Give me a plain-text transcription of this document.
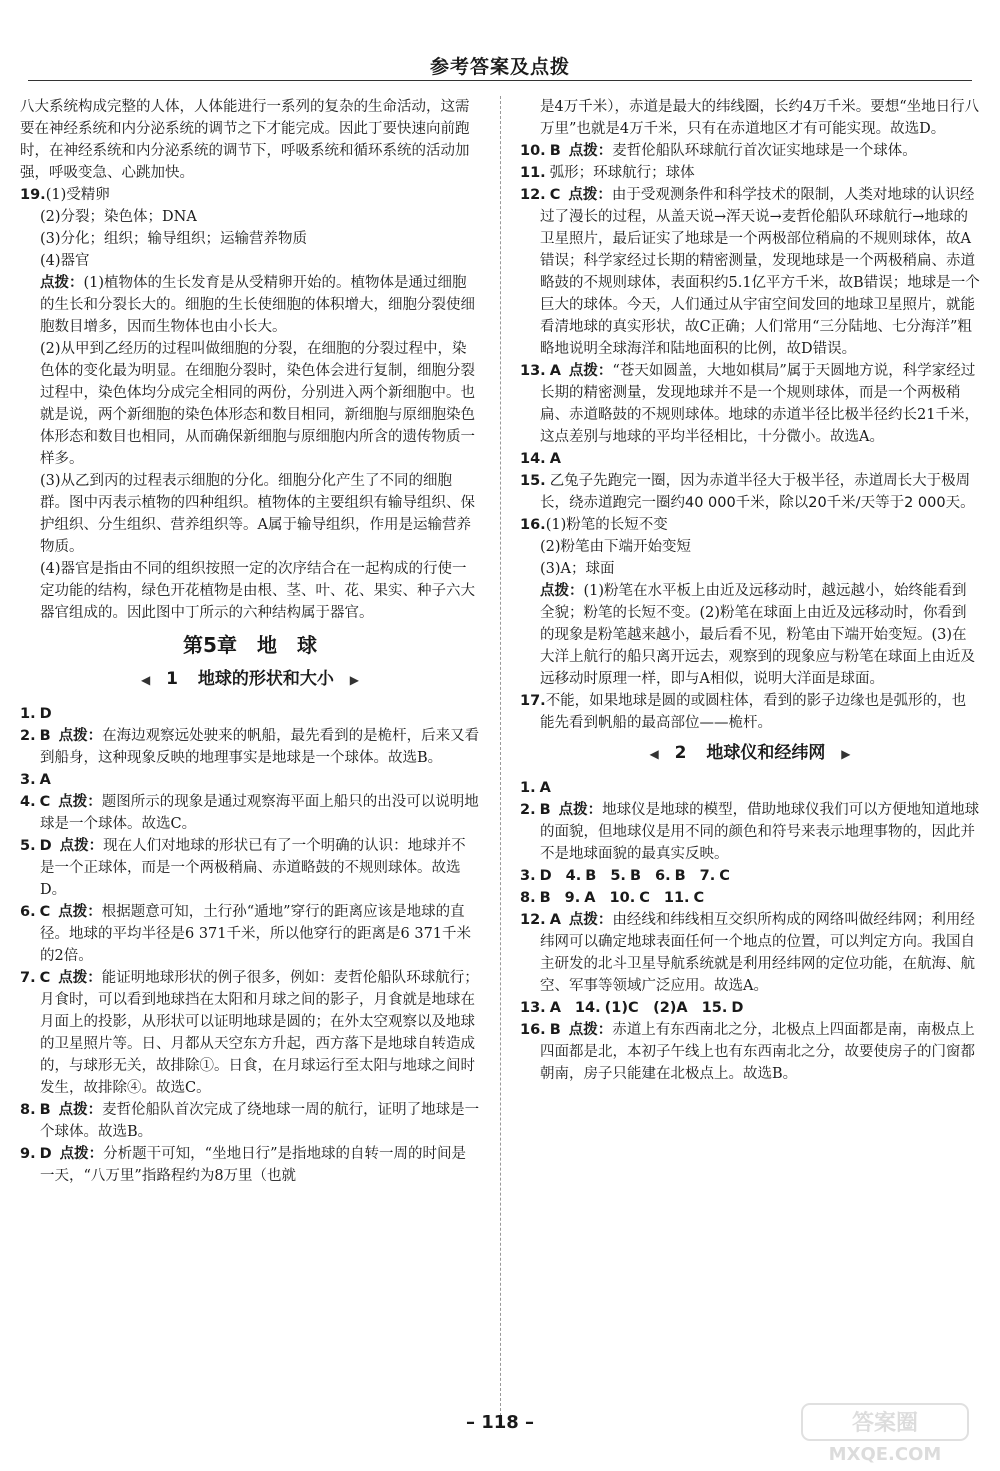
参考答案及点拨

八大系统构成完整的人体，人体能进行一系列的复杂的生命活动，这需要在神经系统和内分泌系统的调节之下才能完成。因此丁要快速向前跑时，在神经系统和内分泌系统的调节下，呼吸系统和循环系统的活动加强，呼吸变急、心跳加快。

19.(1)受精卵

(2)分裂；染色体；DNA

(3)分化；组织；输导组织；运输营养物质

(4)器官

点拨：(1)植物体的生长发育是从受精卵开始的。植物体是通过细胞的生长和分裂长大的。细胞的生长使细胞的体积增大，细胞分裂使细胞数目增多，因而生物体也由小长大。

(2)从甲到乙经历的过程叫做细胞的分裂，在细胞的分裂过程中，染色体的变化最为明显。在细胞分裂时，染色体会进行复制，细胞分裂过程中，染色体均分成完全相同的两份，分别进入两个新细胞中。也就是说，两个新细胞的染色体形态和数目相同，新细胞与原细胞染色体形态和数目也相同，从而确保新细胞与原细胞内所含的遗传物质一样多。

(3)从乙到丙的过程表示细胞的分化。细胞分化产生了不同的细胞群。图中丙表示植物的四种组织。植物体的主要组织有输导组织、保护组织、分生组织、营养组织等。A属于输导组织，作用是运输营养物质。

(4)器官是指由不同的组织按照一定的次序结合在一起构成的行使一定功能的结构，绿色开花植物是由根、茎、叶、花、果实、种子六大器官组成的。因此图中丁所示的六种结构属于器官。

第5章　地　球
◀ 1 地球的形状和大小 ▶

1. D

2. B 点拨：在海边观察远处驶来的帆船，最先看到的是桅杆，后来又看到船身，这种现象反映的地理事实是地球是一个球体。故选B。

3. A

4. C 点拨：题图所示的现象是通过观察海平面上船只的出没可以说明地球是一个球体。故选C。

5. D 点拨：现在人们对地球的形状已有了一个明确的认识：地球并不是一个正球体，而是一个两极稍扁、赤道略鼓的不规则球体。故选D。

6. C 点拨：根据题意可知，土行孙“遁地”穿行的距离应该是地球的直径。地球的平均半径是6 371千米，所以他穿行的距离是6 371千米的2倍。

7. C 点拨：能证明地球形状的例子很多，例如：麦哲伦船队环球航行；月食时，可以看到地球挡在太阳和月球之间的影子，月食就是地球在月面上的投影，从形状可以证明地球是圆的；在外太空观察以及地球的卫星照片等。日、月都从天空东方升起，西方落下是地球自转造成的，与球形无关，故排除①。日食，在月球运行至太阳与地球之间时发生，故排除④。故选C。

8. B 点拨：麦哲伦船队首次完成了绕地球一周的航行，证明了地球是一个球体。故选B。

9. D 点拨：分析题干可知，“坐地日行”是指地球的自转一周的时间是一天，“八万里”指路程约为8万里（也就

是4万千米），赤道是最大的纬线圈，长约4万千米。要想“坐地日行八万里”也就是4万千米，只有在赤道地区才有可能实现。故选D。

10. B 点拨：麦哲伦船队环球航行首次证实地球是一个球体。

11. 弧形；环球航行；球体

12. C 点拨：由于受观测条件和科学技术的限制，人类对地球的认识经过了漫长的过程，从盖天说→浑天说→麦哲伦船队环球航行→地球的卫星照片，最后证实了地球是一个两极部位稍扁的不规则球体，故A错误；科学家经过长期的精密测量，发现地球是一个两极稍扁、赤道略鼓的不规则球体，表面积约5.1亿平方千米，故B错误；地球是一个巨大的球体。今天，人们通过从宇宙空间发回的地球卫星照片，就能看清地球的真实形状，故C正确；人们常用“三分陆地、七分海洋”粗略地说明全球海洋和陆地面积的比例，故D错误。

13. A 点拨：“苍天如圆盖，大地如棋局”属于天圆地方说，科学家经过长期的精密测量，发现地球并不是一个规则球体，而是一个两极稍扁、赤道略鼓的不规则球体。地球的赤道半径比极半径约长21千米，这点差别与地球的平均半径相比，十分微小。故选A。

14. A

15. 乙兔子先跑完一圈，因为赤道半径大于极半径，赤道周长大于极周长，绕赤道跑完一圈约40 000千米，除以20千米/天等于2 000天。

16.(1)粉笔的长短不变

(2)粉笔由下端开始变短

(3)A；球面

点拨：(1)粉笔在水平板上由近及远移动时，越远越小，始终能看到全貌；粉笔的长短不变。(2)粉笔在球面上由近及远移动时，你看到的现象是粉笔越来越小，最后看不见，粉笔由下端开始变短。(3)在大洋上航行的船只离开远去，观察到的现象应与粉笔在球面上由近及远移动时原理一样，即与A相似，说明大洋面是球面。

17.不能，如果地球是圆的或圆柱体，看到的影子边缘也是弧形的，也能先看到帆船的最高部位——桅杆。

◀ 2 地球仪和经纬网 ▶

1. A

2. B 点拨：地球仪是地球的模型，借助地球仪我们可以方便地知道地球的面貌，但地球仪是用不同的颜色和符号来表示地理事物的，因此并不是地球面貌的最真实反映。

3. D 4. B 5. B 6. B 7. C

8. B 9. A 10. C 11. C

12. A 点拨：由经线和纬线相互交织所构成的网络叫做经纬网；利用经纬网可以确定地球表面任何一个地点的位置，可以判定方向。我国自主研发的北斗卫星导航系统就是利用经纬网的定位功能，在航海、航空、军事等领域广泛应用。故选A。

13. A 14. (1)C　(2)A 15. D

16. B 点拨：赤道上有东西南北之分，北极点上四面都是南，南极点上四面都是北，本初子午线上也有东西南北之分，故要使房子的门窗都朝南，房子只能建在北极点上。故选B。

– 118 –	答案圈
MXQE.COM
